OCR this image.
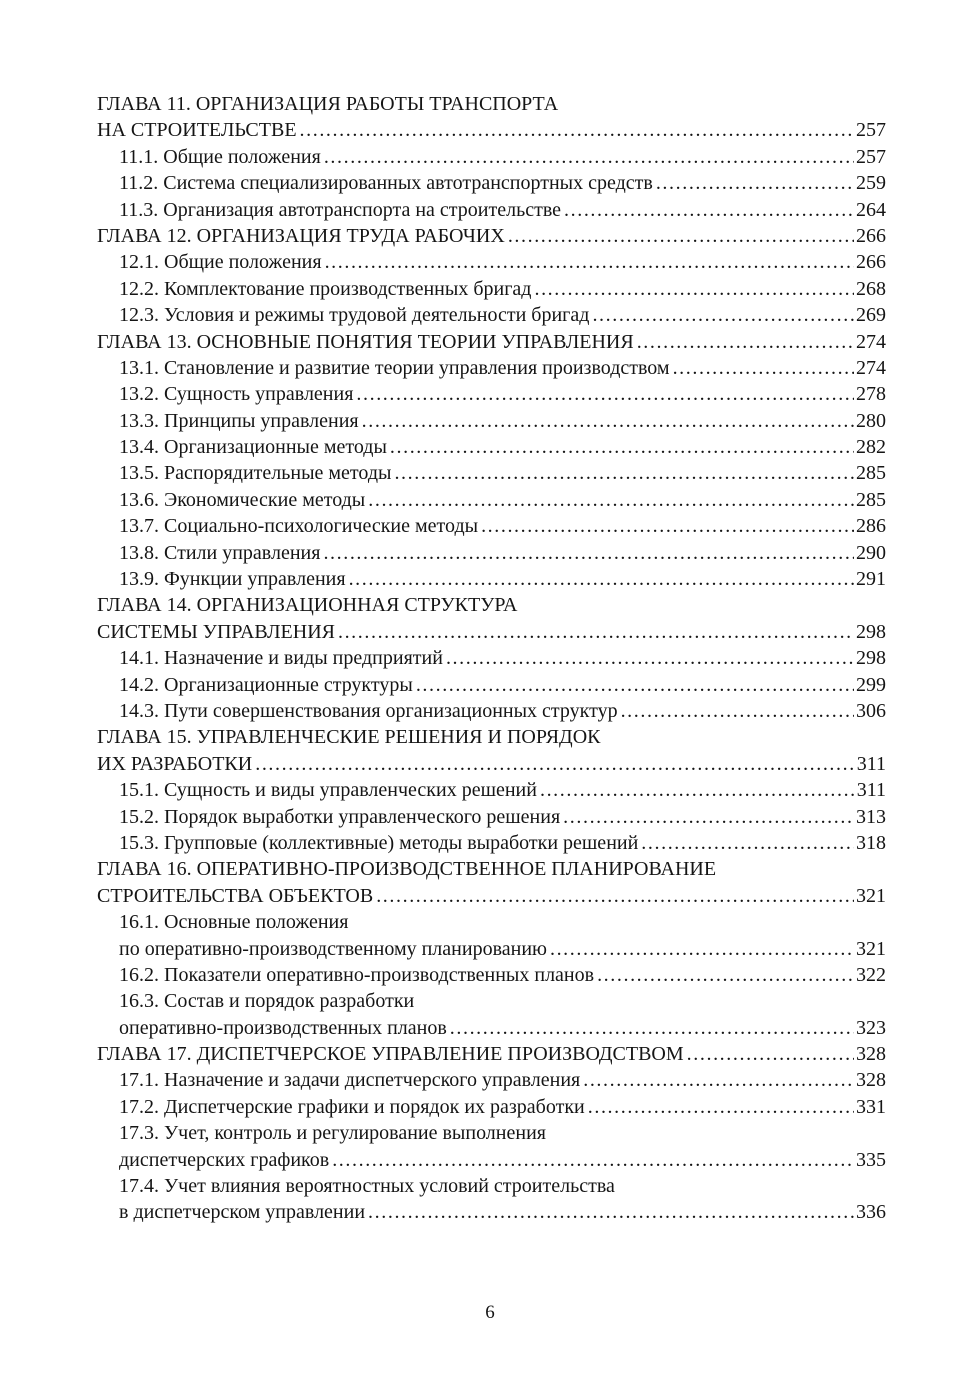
ГЛАВА 11. ОРГАНИЗАЦИЯ РАБОТЫ ТРАНСПОРТА
НА СТРОИТЕЛЬСТВЕ .....	257
11.1. Общие положения .....	257
11.2. Система специализированных автотранспортных средств .....	259
11.3. Организация автотранспорта на строительстве .....	264
ГЛАВА 12. ОРГАНИЗАЦИЯ ТРУДА РАБОЧИХ .....	266
12.1. Общие положения .....	266
12.2. Комплектование производственных бригад .....	268
12.3. Условия и режимы трудовой деятельности бригад .....	269
ГЛАВА 13. ОСНОВНЫЕ ПОНЯТИЯ ТЕОРИИ УПРАВЛЕНИЯ .....	274
13.1. Становление и развитие теории управления производством .....	274
13.2. Сущность управления .....	278
13.3. Принципы управления .....	280
13.4. Организационные методы .....	282
13.5. Распорядительные методы .....	285
13.6. Экономические методы .....	285
13.7. Социально-психологические методы .....	286
13.8. Стили управления .....	290
13.9. Функции управления .....	291
ГЛАВА 14. ОРГАНИЗАЦИОННАЯ СТРУКТУРА
СИСТЕМЫ УПРАВЛЕНИЯ .....	298
14.1. Назначение и виды предприятий .....	298
14.2. Организационные структуры .....	299
14.3. Пути совершенствования организационных структур .....	306
ГЛАВА 15. УПРАВЛЕНЧЕСКИЕ РЕШЕНИЯ И ПОРЯДОК
ИХ РАЗРАБОТКИ .....	311
15.1. Сущность и виды управленческих решений .....	311
15.2. Порядок выработки управленческого решения .....	313
15.3. Групповые (коллективные) методы выработки решений .....	318
ГЛАВА 16. ОПЕРАТИВНО-ПРОИЗВОДСТВЕННОЕ ПЛАНИРОВАНИЕ
СТРОИТЕЛЬСТВА ОБЪЕКТОВ .....	321
16.1. Основные положения
по оперативно-производственному планированию .....	321
16.2. Показатели оперативно-производственных планов .....	322
16.3. Состав и порядок разработки
оперативно-производственных планов .....	323
ГЛАВА 17. ДИСПЕТЧЕРСКОЕ УПРАВЛЕНИЕ ПРОИЗВОДСТВОМ .....	328
17.1. Назначение и задачи диспетчерского управления .....	328
17.2. Диспетчерские графики и порядок их разработки .....	331
17.3. Учет, контроль и регулирование выполнения
диспетчерских графиков .....	335
17.4. Учет влияния вероятностных условий строительства
в диспетчерском управлении .....	336
6
